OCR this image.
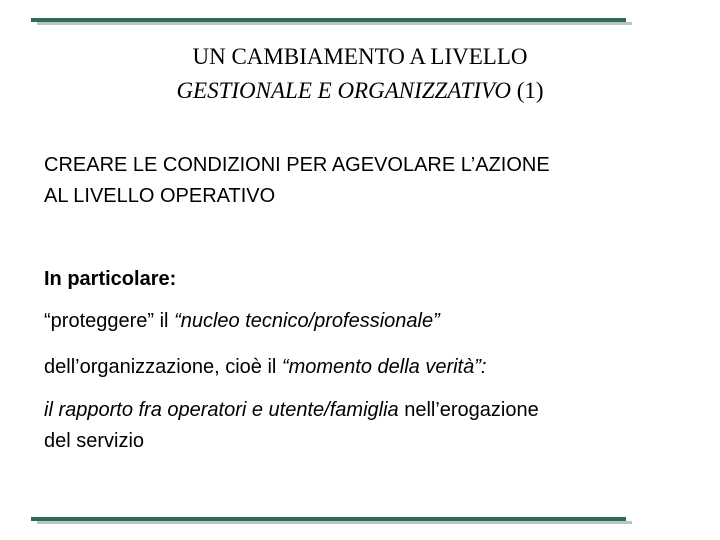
UN CAMBIAMENTO A LIVELLO
GESTIONALE E ORGANIZZATIVO (1)
CREARE LE CONDIZIONI PER AGEVOLARE L’AZIONE
AL LIVELLO OPERATIVO
In particolare:
“proteggere” il “nucleo tecnico/professionale”
dell’organizzazione, cioè il “momento della verità”:
il rapporto fra operatori e utente/famiglia nell’erogazione
del servizio
